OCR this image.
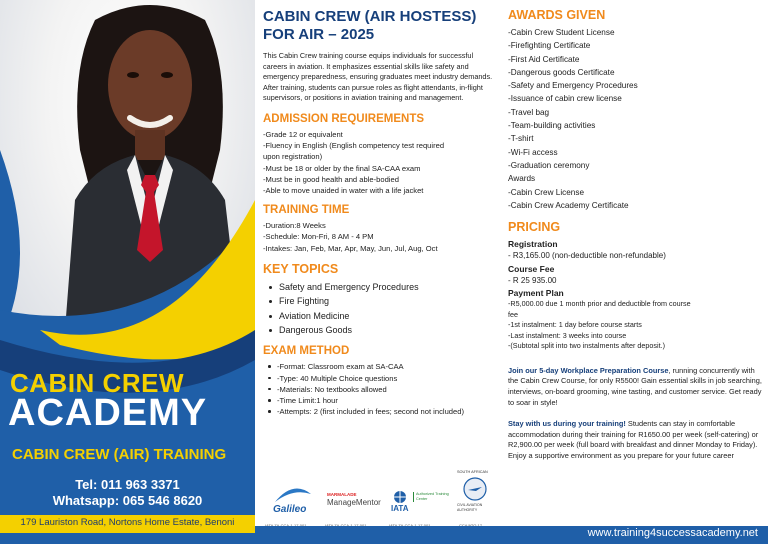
CABIN CREW
ACADEMY
CABIN CREW (AIR) TRAINING
Tel: 011 963 3371
Whatsapp: 065 546 8620
179 Lauriston Road, Nortons Home Estate, Benoni
CABIN CREW (AIR HOSTESS)
FOR AIR – 2025
This Cabin Crew training course equips individuals for successful careers in aviation. It emphasizes essential skills like safety and emergency preparedness, ensuring graduates meet industry demands. After training, students can pursue roles as flight attendants, in-flight supervisors, or positions in aviation training and management.
ADMISSION REQUIREMENTS
-Grade 12 or equivalent
-Fluency in English (English competency test required
upon registration)
-Must be 18 or older by the final SA-CAA exam
-Must be in good health and able-bodied
-Able to move unaided in water with a life jacket
TRAINING TIME
-Duration:8 Weeks
-Schedule: Mon-Fri, 8 AM - 4 PM
-Intakes: Jan, Feb, Mar, Apr, May, Jun, Jul, Aug, Oct
KEY TOPICS
Safety and Emergency Procedures
Fire Fighting
Aviation Medicine
Dangerous Goods
EXAM METHOD
-Format: Classroom exam at SA-CAA
-Type: 40 Multiple Choice questions
-Materials: No textbooks allowed
-Time Limit:1 hour
-Attempts: 2 (first included in fees; second not included)
Galileo
MARMALADE
ManageMentor
IATA
Authorized Training Center
SOUTH AFRICAN
CIVIL AVIATION AUTHORITY
AWARDS GIVEN
-Cabin Crew Student License
-Firefighting Certificate
-First Aid Certificate
-Dangerous goods Certificate
-Safety and Emergency Procedures
-Issuance of cabin crew license
-Travel bag
-Team-building activities
-T-shirt
-Wi-Fi access
-Graduation ceremony
Awards
-Cabin Crew License
-Cabin Crew Academy Certificate
PRICING
Registration
- R3,165.00 (non-deductible non-refundable)
Course Fee
- R 25 935.00
Payment Plan
-R5,000.00 due 1 month prior and deductible from course
fee
-1st instalment: 1 day before course starts
-Last instalment: 3 weeks into course
-(Subtotal split into two instalments after deposit.)
Join our 5-day Workplace Preparation Course, running concurrently with the Cabin Crew Course, for only R5500! Gain essential skills in job searching, interviews, on-board grooming, wine tasting, and customer service. Get ready to soar in style!
Stay with us during your training! Students can stay in comfortable accommodation during their training for R1650.00 per week (self-catering) or R2,900.00 per week (full board with breakfast and dinner Monday to Friday). Enjoy a supportive environment as you prepare for your future career
www.training4successacademy.net
